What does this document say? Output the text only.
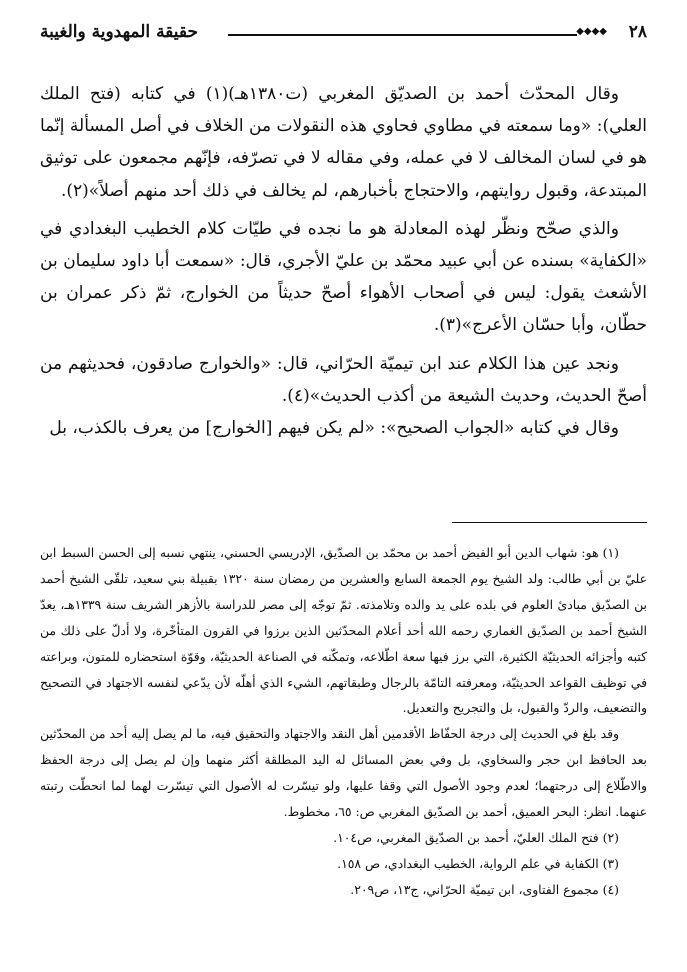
٢٨
◆◆◆◆
حقيقة المهدوية والغيبة

وقال المحدّث أحمد بن الصديّق المغربي (ت١٣٨٠هـ)(١) في كتابه (فتح الملك العلي): «وما سمعته في مطاوي فحاوي هذه النقولات من الخلاف في أصل المسألة إنّما هو في لسان المخالف لا في عمله، وفي مقاله لا في تصرّفه، فإنّهم مجمعون على توثيق المبتدعة، وقبول روايتهم، والاحتجاج بأخبارهم، لم يخالف في ذلك أحد منهم أصلاً»(٢).

والذي صحّح ونظّر لهذه المعادلة هو ما نجده في طيّات كلام الخطيب البغدادي في «الكفاية» بسنده عن أبي عبيد محمّد بن عليّ الأجري، قال: «سمعت أبا داود سليمان بن الأشعث يقول: ليس في أصحاب الأهواء أصحّ حديثاً من الخوارج، ثمّ ذكر عمران بن حطّان، وأبا حسّان الأعرج»(٣).

ونجد عين هذا الكلام عند ابن تيميّة الحرّاني، قال: «والخوارج صادقون، فحديثهم من أصحّ الحديث، وحديث الشيعة من أكذب الحديث»(٤).

وقال في كتابه «الجواب الصحيح»: «لم يكن فيهم [الخوارج] من يعرف بالكذب، بل

(١) هو: شهاب الدين أبو الفيض أحمد بن محمّد بن الصدّيق، الإدريسي الحسني، ينتهي نسبه إلى الحسن السبط ابن عليّ بن أبي طالب: ولد الشيخ يوم الجمعة السابع والعشرين من رمضان سنة ١٣٢٠ بقبيلة بني سعيد، تلقّى الشيخ أحمد بن الصدّيق مبادئ العلوم في بلده على يد والده وتلامذته. ثمّ توجّه إلى مصر للدراسة بالأزهر الشريف سنة ١٣٣٩هـ، يعدّ الشيخ أحمد بن الصدّيق الغماري رحمه الله أحد أعلام المحدّثين الذين برزوا في القرون المتأخّرة، ولا أدلّ على ذلك من كتبه وأجزائه الحديثيّة الكثيرة، التي برز فيها سعة اطّلاعه، وتمكّنه في الصناعة الحديثيّة، وقوّة استحضاره للمتون، وبراعته في توظيف القواعد الحديثيّة، ومعرفته التامّة بالرجال وطبقاتهم، الشيء الذي أهلّه لأن يدّعي لنفسه الاجتهاد في التصحيح والتضعيف، والردّ والقبول، بل والتجريح والتعديل.

وقد بلغ في الحديث إلى درجة الحفّاظ الأقدمين أهل النقد والاجتهاد والتحقيق فيه، ما لم يصل إليه أحد من المحدّثين بعد الحافظ ابن حجر والسخاوي، بل وفي بعض المسائل له اليد المطلقة أكثر منهما وإن لم يصل إلى درجة الحفظ والاطّلاع إلى درجتهما؛ لعدم وجود الأصول التي وقفا عليها، ولو تيسّرت له الأصول التي تيسّرت لهما لما انحطّت رتبته عنهما. انظر: البحر العميق، أحمد بن الصدّيق المغربي ص: ٦٥، مخطوط.

(٢) فتح الملك العليّ، أحمد بن الصدّيق المغربي، ص١٠٤.

(٣) الكفاية في علم الرواية، الخطيب البغدادي، ص ١٥٨.

(٤) مجموع الفتاوى، ابن تيميّة الحرّاني، ج١٣، ص٢٠٩.
